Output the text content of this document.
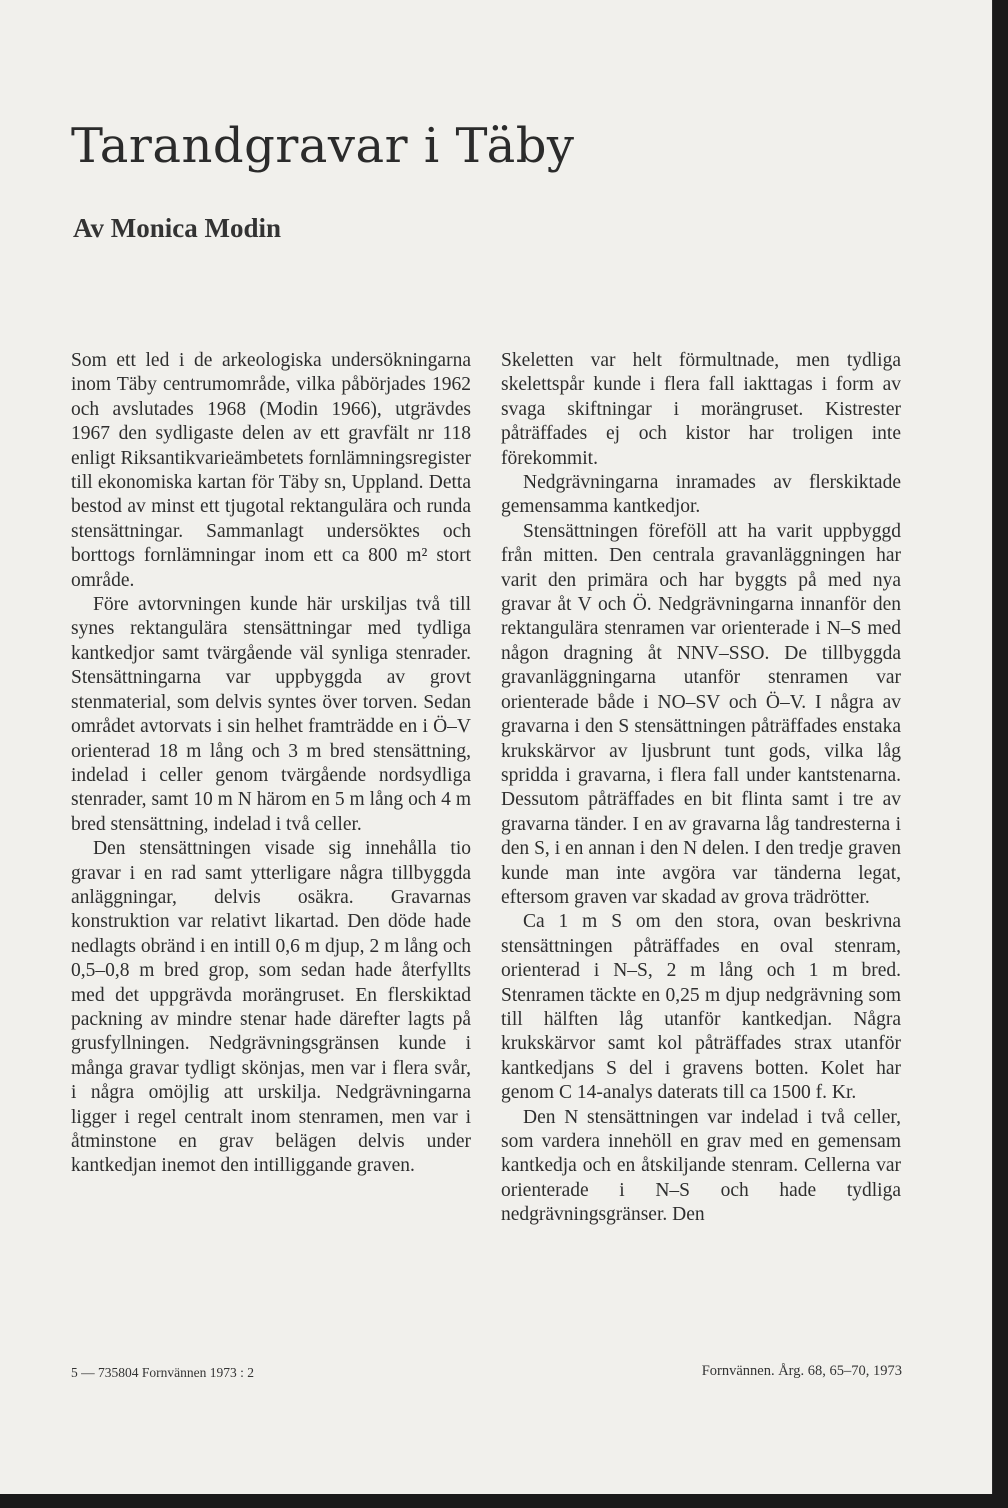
Tarandgravar i Täby
Av Monica Modin

Som ett led i de arkeologiska undersökningarna inom Täby centrumområde, vilka påbörjades 1962 och avslutades 1968 (Modin 1966), utgrävdes 1967 den sydligaste delen av ett gravfält nr 118 enligt Riksantikvarieämbetets fornlämningsregister till ekonomiska kartan för Täby sn, Uppland. Detta bestod av minst ett tjugotal rektangulära och runda stensättningar. Sammanlagt undersöktes och borttogs fornlämningar inom ett ca 800 m² stort område.

Före avtorvningen kunde här urskiljas två till synes rektangulära stensättningar med tydliga kantkedjor samt tvärgående väl synliga stenrader. Stensättningarna var uppbyggda av grovt stenmaterial, som delvis syntes över torven. Sedan området avtorvats i sin helhet framträdde en i Ö–V orienterad 18 m lång och 3 m bred stensättning, indelad i celler genom tvärgående nordsydliga stenrader, samt 10 m N härom en 5 m lång och 4 m bred stensättning, indelad i två celler.

Den stensättningen visade sig innehålla tio gravar i en rad samt ytterligare några tillbyggda anläggningar, delvis osäkra. Gravarnas konstruktion var relativt likartad. Den döde hade nedlagts obränd i en intill 0,6 m djup, 2 m lång och 0,5–0,8 m bred grop, som sedan hade återfyllts med det uppgrävda morängruset. En flerskiktad packning av mindre stenar hade därefter lagts på grusfyllningen. Nedgrävningsgränsen kunde i många gravar tydligt skönjas, men var i flera svår, i några omöjlig att urskilja. Nedgrävningarna ligger i regel centralt inom stenramen, men var i åtminstone en grav belägen delvis under kantkedjan inemot den intilliggande graven.

Skeletten var helt förmultnade, men tydliga skelettspår kunde i flera fall iakttagas i form av svaga skiftningar i morängruset. Kistrester påträffades ej och kistor har troligen inte förekommit.

Nedgrävningarna inramades av flerskiktade gemensamma kantkedjor.

Stensättningen föreföll att ha varit uppbyggd från mitten. Den centrala gravanläggningen har varit den primära och har byggts på med nya gravar åt V och Ö. Nedgrävningarna innanför den rektangulära stenramen var orienterade i N–S med någon dragning åt NNV–SSO. De tillbyggda gravanläggningarna utanför stenramen var orienterade både i NO–SV och Ö–V. I några av gravarna i den S stensättningen påträffades enstaka krukskärvor av ljusbrunt tunt gods, vilka låg spridda i gravarna, i flera fall under kantstenarna. Dessutom påträffades en bit flinta samt i tre av gravarna tänder. I en av gravarna låg tandresterna i den S, i en annan i den N delen. I den tredje graven kunde man inte avgöra var tänderna legat, eftersom graven var skadad av grova trädrötter.

Ca 1 m S om den stora, ovan beskrivna stensättningen påträffades en oval stenram, orienterad i N–S, 2 m lång och 1 m bred. Stenramen täckte en 0,25 m djup nedgrävning som till hälften låg utanför kantkedjan. Några krukskärvor samt kol påträffades strax utanför kantkedjans S del i gravens botten. Kolet har genom C 14-analys daterats till ca 1500 f. Kr.

Den N stensättningen var indelad i två celler, som vardera innehöll en grav med en gemensam kantkedja och en åtskiljande stenram. Cellerna var orienterade i N–S och hade tydliga nedgrävningsgränser. Den

5 — 735804 Fornvännen 1973 : 2	Fornvännen. Årg. 68, 65–70, 1973
